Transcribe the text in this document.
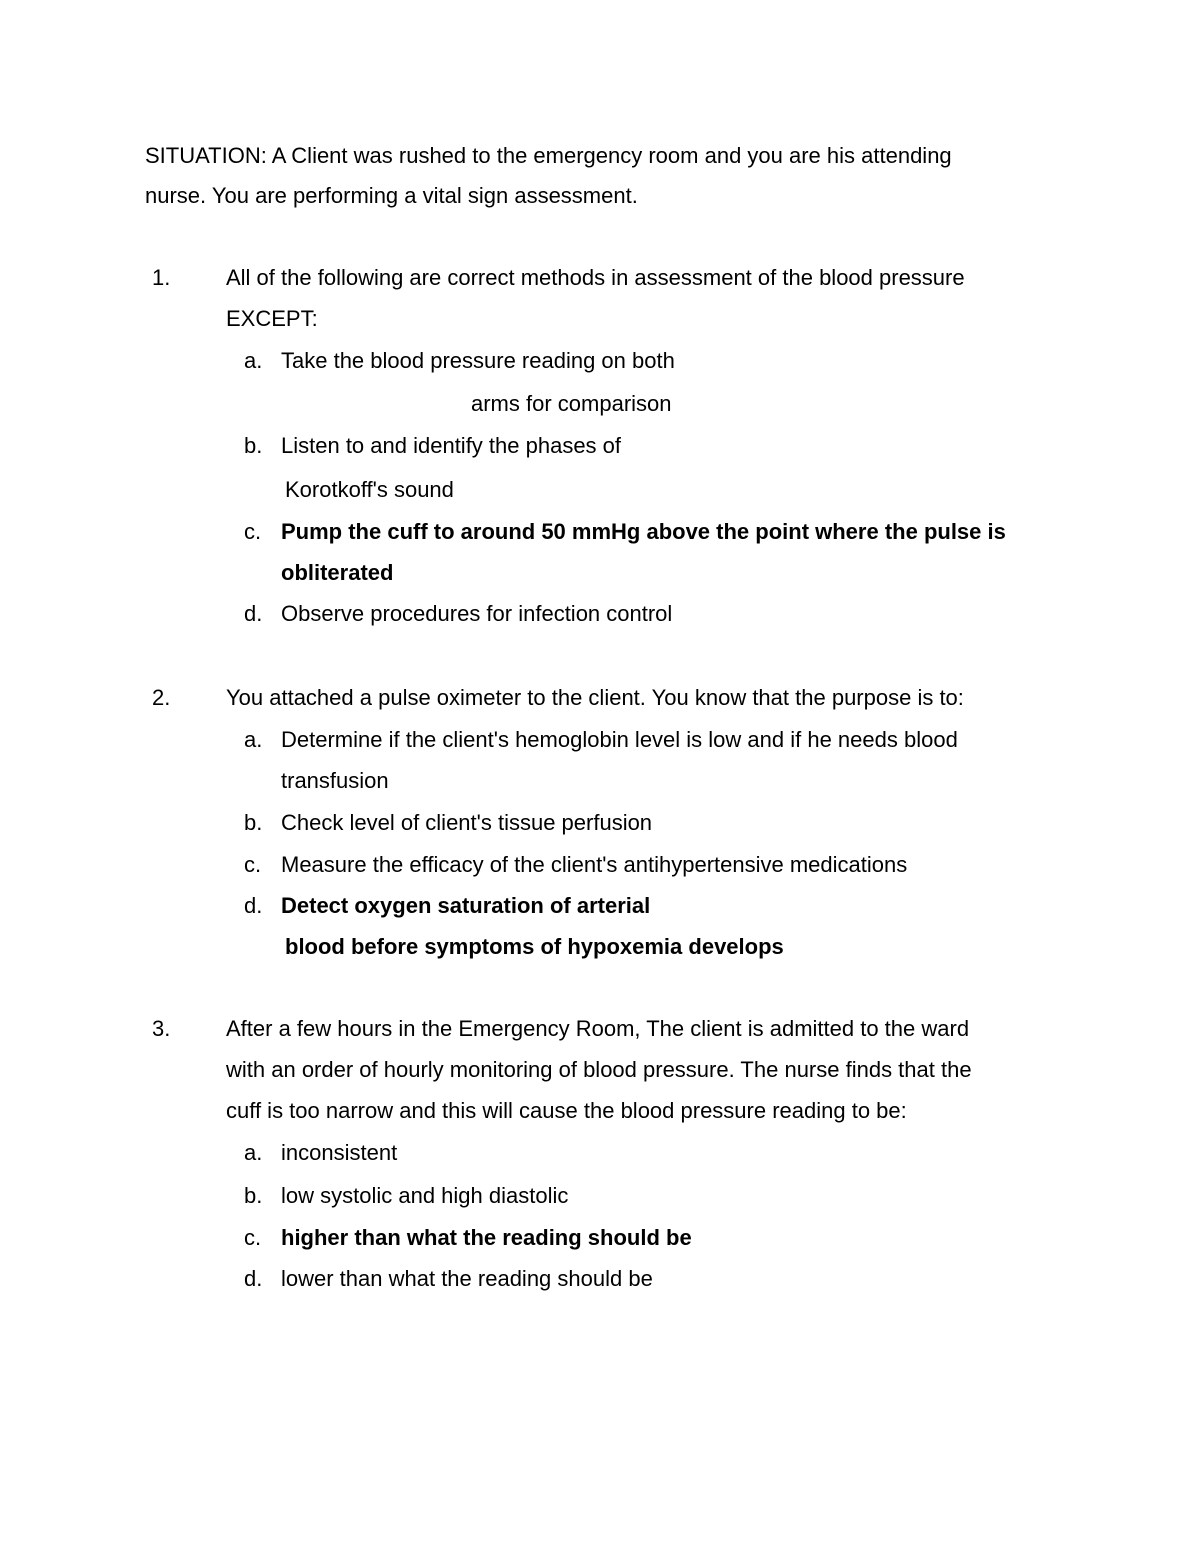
SITUATION: A Client was rushed to the emergency room and you are his attending
nurse. You are performing a vital sign assessment.
1.	All of the following are correct methods in assessment of the blood pressure
EXCEPT:
a. Take the blood pressure reading on both
arms for comparison
b. Listen to and identify the phases of
Korotkoff's sound
c. Pump the cuff to around 50 mmHg above the point where the pulse is
obliterated
d. Observe procedures for infection control
2.	You attached a pulse oximeter to the client. You know that the purpose is to:
a. Determine if the client's hemoglobin level is low and if he needs blood
transfusion
b. Check level of client's tissue perfusion
c. Measure the efficacy of the client's antihypertensive medications
d. Detect oxygen saturation of arterial
blood before symptoms of hypoxemia develops
3.	After a few hours in the Emergency Room, The client is admitted to the ward
with an order of hourly monitoring of blood pressure. The nurse finds that the
cuff is too narrow and this will cause the blood pressure reading to be:
a. inconsistent
b. low systolic and high diastolic
c. higher than what the reading should be
d. lower than what the reading should be
